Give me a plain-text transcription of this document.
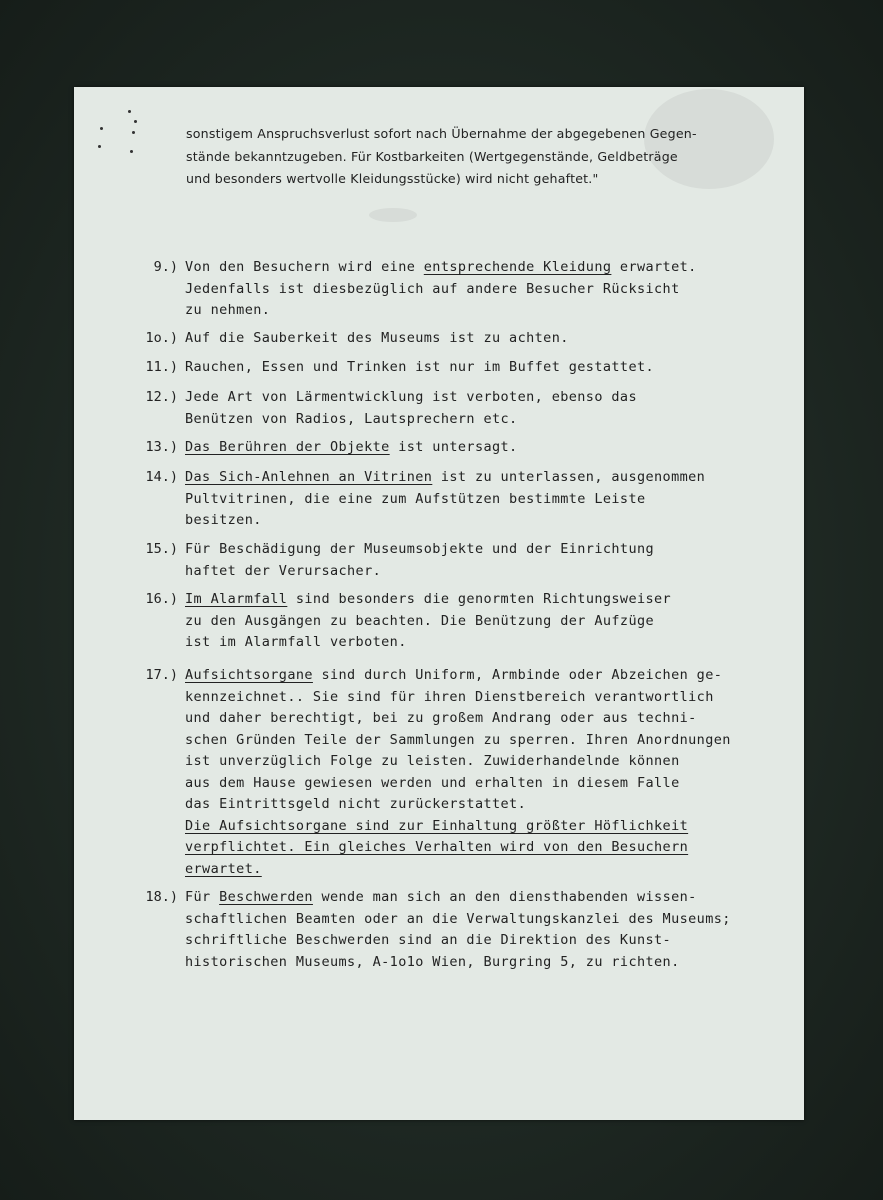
sonstigem Anspruchsverlust sofort nach Übernahme der abgegebenen Gegen-
stände bekanntzugeben. Für Kostbarkeiten (Wertgegenstände, Geldbeträge
und besonders wertvolle Kleidungsstücke) wird nicht gehaftet."
9.) Von den Besuchern wird eine entsprechende Kleidung erwartet.
Jedenfalls ist diesbezüglich auf andere Besucher Rücksicht
zu nehmen.
1o.) Auf die Sauberkeit des Museums ist zu achten.
11.) Rauchen, Essen und Trinken ist nur im Buffet gestattet.
12.) Jede Art von Lärmentwicklung ist verboten, ebenso das
Benützen von Radios, Lautsprechern etc.
13.) Das Berühren der Objekte ist untersagt.
14.) Das Sich-Anlehnen an Vitrinen ist zu unterlassen, ausgenommen
Pultvitrinen, die eine zum Aufstützen bestimmte Leiste
besitzen.
15.) Für Beschädigung der Museumsobjekte und der Einrichtung
haftet der Verursacher.
16.) Im Alarmfall sind besonders die genormten Richtungsweiser
zu den Ausgängen zu beachten. Die Benützung der Aufzüge
ist im Alarmfall verboten.
17.) Aufsichtsorgane sind durch Uniform, Armbinde oder Abzeichen ge-
kennzeichnet.. Sie sind für ihren Dienstbereich verantwortlich
und daher berechtigt, bei zu großem Andrang oder aus techni-
schen Gründen Teile der Sammlungen zu sperren. Ihren Anordnungen
ist unverzüglich Folge zu leisten. Zuwiderhandelnde können
aus dem Hause gewiesen werden und erhalten in diesem Falle
das Eintrittsgeld nicht zurückerstattet.
Die Aufsichtsorgane sind zur Einhaltung größter Höflichkeit
verpflichtet. Ein gleiches Verhalten wird von den Besuchern
erwartet.
18.) Für Beschwerden wende man sich an den diensthabenden wissen-
schaftlichen Beamten oder an die Verwaltungskanzlei des Museums;
schriftliche Beschwerden sind an die Direktion des Kunst-
historischen Museums, A-1o1o Wien, Burgring 5, zu richten.
